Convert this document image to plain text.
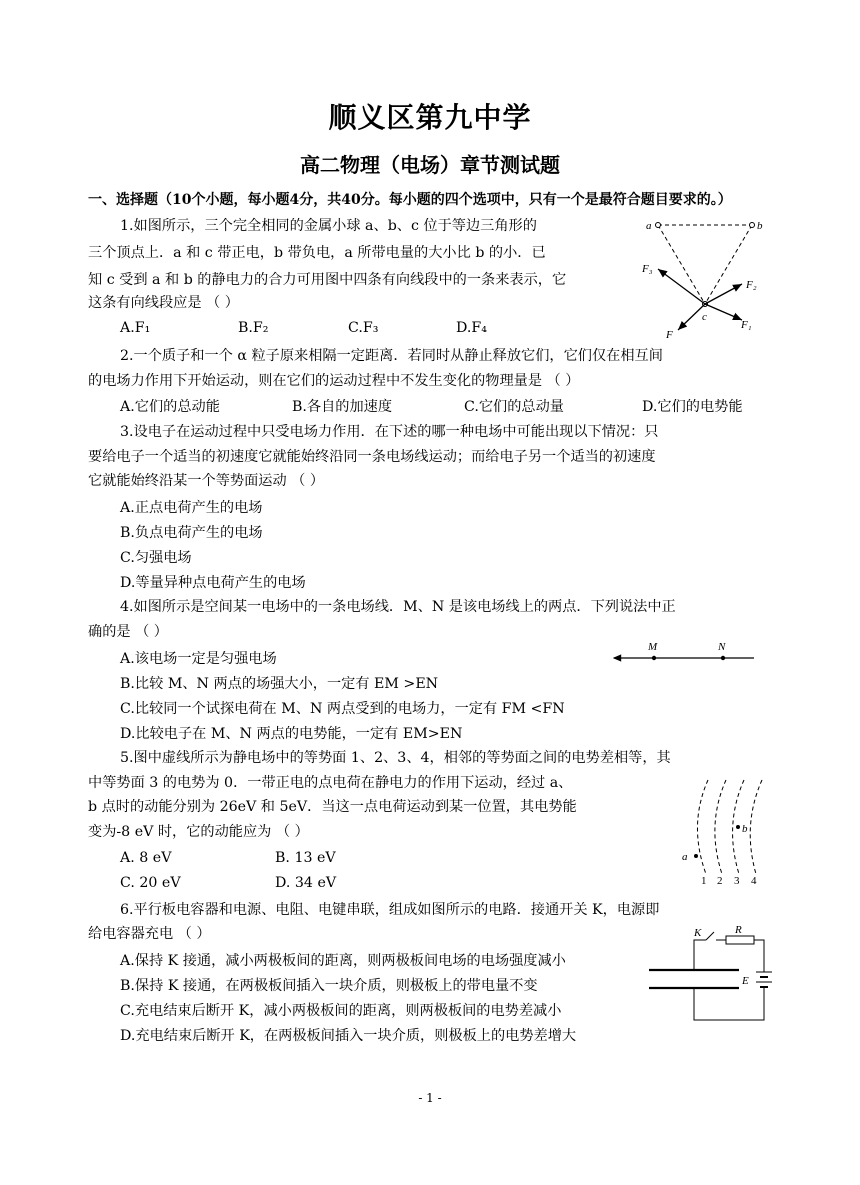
顺义区第九中学
高二物理（电场）章节测试题
一、选择题（10个小题，每小题4分，共40分。每小题的四个选项中，只有一个是最符合题目要求的。）
1.如图所示，三个完全相同的金属小球 a、b、c 位于等边三角形的
三个顶点上．a 和 c 带正电，b 带负电，a 所带电量的大小比 b 的小．已
知 c 受到 a 和 b 的静电力的合力可用图中四条有向线段中的一条来表示，它
这条有向线段应是 （ ）
A.F₁	B.F₂	C.F₃	D.F₄
a	b
c
F₁
F₂
F₃
F
2.一个质子和一个 α 粒子原来相隔一定距离．若同时从静止释放它们，它们仅在相互间
的电场力作用下开始运动，则在它们的运动过程中不发生变化的物理量是 （ ）
A.它们的总动能	B.各自的加速度	C.它们的总动量	D.它们的电势能
3.设电子在运动过程中只受电场力作用．在下述的哪一种电场中可能出现以下情况：只
要给电子一个适当的初速度它就能始终沿同一条电场线运动；而给电子另一个适当的初速度
它就能始终沿某一个等势面运动 （ ）
A.正点电荷产生的电场
B.负点电荷产生的电场
C.匀强电场
D.等量异种点电荷产生的电场
4.如图所示是空间某一电场中的一条电场线．M、N 是该电场线上的两点．下列说法中正
确的是 （ ）
A.该电场一定是匀强电场
B.比较 M、N 两点的场强大小，一定有 EM >EN
C.比较同一个试探电荷在 M、N 两点受到的电场力，一定有 FM <FN
D.比较电子在 M、N 两点的电势能，一定有 EM>EN
M	N
5.图中虚线所示为静电场中的等势面 1、2、3、4，相邻的等势面之间的电势差相等，其
中等势面 3 的电势为 0．一带正电的点电荷在静电力的作用下运动，经过 a、
b 点时的动能分别为 26eV 和 5eV．当这一点电荷运动到某一位置，其电势能
变为-8 eV 时，它的动能应为 （ ）
A. 8 eV	B. 13 eV
C. 20 eV	D. 34 eV
a
b
1 2 3 4
6.平行板电容器和电源、电阻、电键串联，组成如图所示的电路．接通开关 K，电源即
给电容器充电 （ ）
A.保持 K 接通，减小两极板间的距离，则两极板间电场的电场强度减小
B.保持 K 接通，在两极板间插入一块介质，则极板上的带电量不变
C.充电结束后断开 K，减小两极板间的距离，则两极板间的电势差减小
D.充电结束后断开 K，在两极板间插入一块介质，则极板上的电势差增大
K	R
E
- 1 -
